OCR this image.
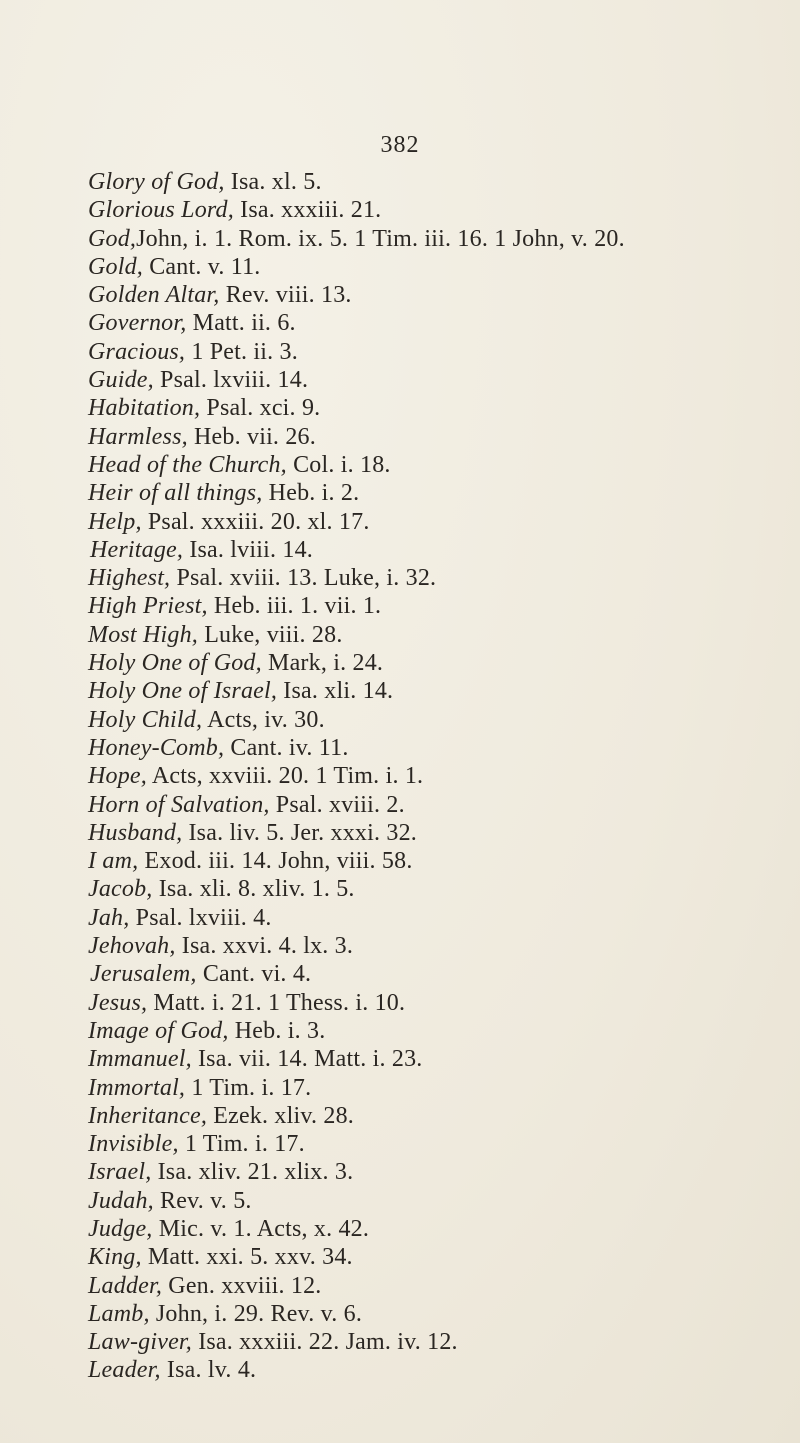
382
Glory of God, Isa. xl. 5.
Glorious Lord, Isa. xxxiii. 21.
God,John, i. 1. Rom. ix. 5. 1 Tim. iii. 16. 1 John, v. 20.
Gold, Cant. v. 11.
Golden Altar, Rev. viii. 13.
Governor, Matt. ii. 6.
Gracious, 1 Pet. ii. 3.
Guide, Psal. lxviii. 14.
Habitation, Psal. xci. 9.
Harmless, Heb. vii. 26.
Head of the Church, Col. i. 18.
Heir of all things, Heb. i. 2.
Help, Psal. xxxiii. 20. xl. 17.
Heritage, Isa. lviii. 14.
Highest, Psal. xviii. 13. Luke, i. 32.
High Priest, Heb. iii. 1. vii. 1.
Most High, Luke, viii. 28.
Holy One of God, Mark, i. 24.
Holy One of Israel, Isa. xli. 14.
Holy Child, Acts, iv. 30.
Honey-Comb, Cant. iv. 11.
Hope, Acts, xxviii. 20. 1 Tim. i. 1.
Horn of Salvation, Psal. xviii. 2.
Husband, Isa. liv. 5. Jer. xxxi. 32.
I am, Exod. iii. 14. John, viii. 58.
Jacob, Isa. xli. 8. xliv. 1. 5.
Jah, Psal. lxviii. 4.
Jehovah, Isa. xxvi. 4. lx. 3.
Jerusalem, Cant. vi. 4.
Jesus, Matt. i. 21. 1 Thess. i. 10.
Image of God, Heb. i. 3.
Immanuel, Isa. vii. 14. Matt. i. 23.
Immortal, 1 Tim. i. 17.
Inheritance, Ezek. xliv. 28.
Invisible, 1 Tim. i. 17.
Israel, Isa. xliv. 21. xlix. 3.
Judah, Rev. v. 5.
Judge, Mic. v. 1. Acts, x. 42.
King, Matt. xxi. 5. xxv. 34.
Ladder, Gen. xxviii. 12.
Lamb, John, i. 29. Rev. v. 6.
Law-giver, Isa. xxxiii. 22. Jam. iv. 12.
Leader, Isa. lv. 4.
